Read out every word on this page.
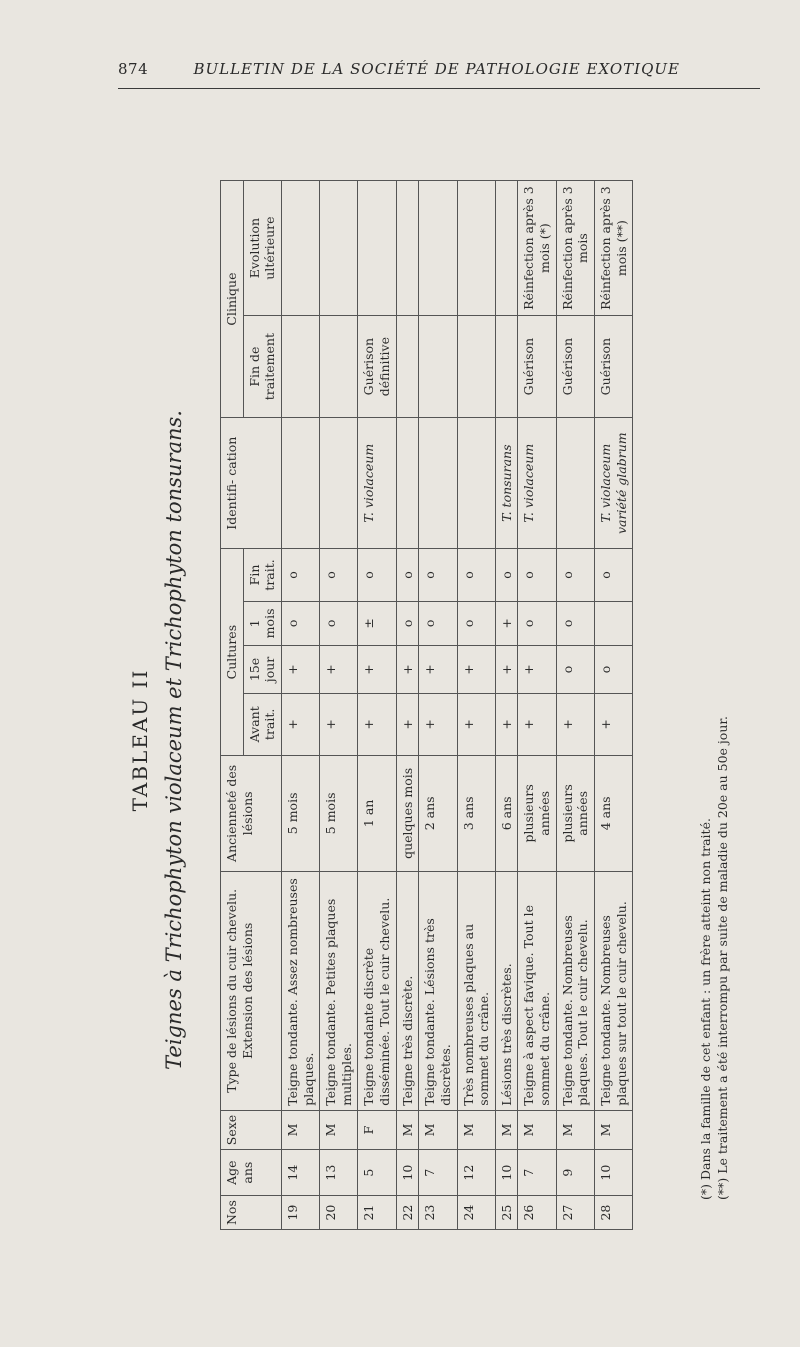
874	BULLETIN DE LA SOCIÉTÉ DE PATHOLOGIE EXOTIQUE
TABLEAU II Teignes à Trichophyton violaceum et Trichophyton tonsurans.
Nos	Age ans	Sexe	Type de lésions du cuir chevelu. Extension des lésions	Ancienneté des lésions	Cultures				Identifi- cation	Clinique	
					Avant trait.	15e jour	1 mois	Fin trait.		Fin de traitement	Evolution ultérieure
19	14	M	Teigne tondante. Assez nombreuses plaques.	5 mois	+	+	o	o			
20	13	M	Teigne tondante. Petites plaques multiples.	5 mois	+	+	o	o			
21	5	F	Teigne tondante discrète disséminée. Tout le cuir chevelu.	1 an	+	+	±	o	T. violaceum	Guérison définitive	
22	10	M	Teigne très discrète.	quelques mois	+	+	o	o			
23	7	M	Teigne tondante. Lésions très discrètes.	2 ans	+	+	o	o			
24	12	M	Très nombreuses plaques au sommet du crâne.	3 ans	+	+	o	o			
25	10	M	Lésions très discrètes.	6 ans	+	+	+	o	T. tonsurans		
26	7	M	Teigne à aspect favique. Tout le sommet du crâne.	plusieurs années	+	+	o	o	T. violaceum	Guérison	Réinfection après 3 mois (*)
27	9	M	Teigne tondante. Nombreuses plaques. Tout le cuir chevelu.	plusieurs années	+	o	o	o		Guérison	Réinfection après 3 mois
28	10	M	Teigne tondante. Nombreuses plaques sur tout le cuir chevelu.	4 ans	+	o		o	T. violaceum variété glabrum	Guérison	Réinfection après 3 mois (**)
(*) Dans la famille de cet enfant : un frère atteint non traité. (**) Le traitement a été interrompu par suite de maladie du 20e au 50e jour.
